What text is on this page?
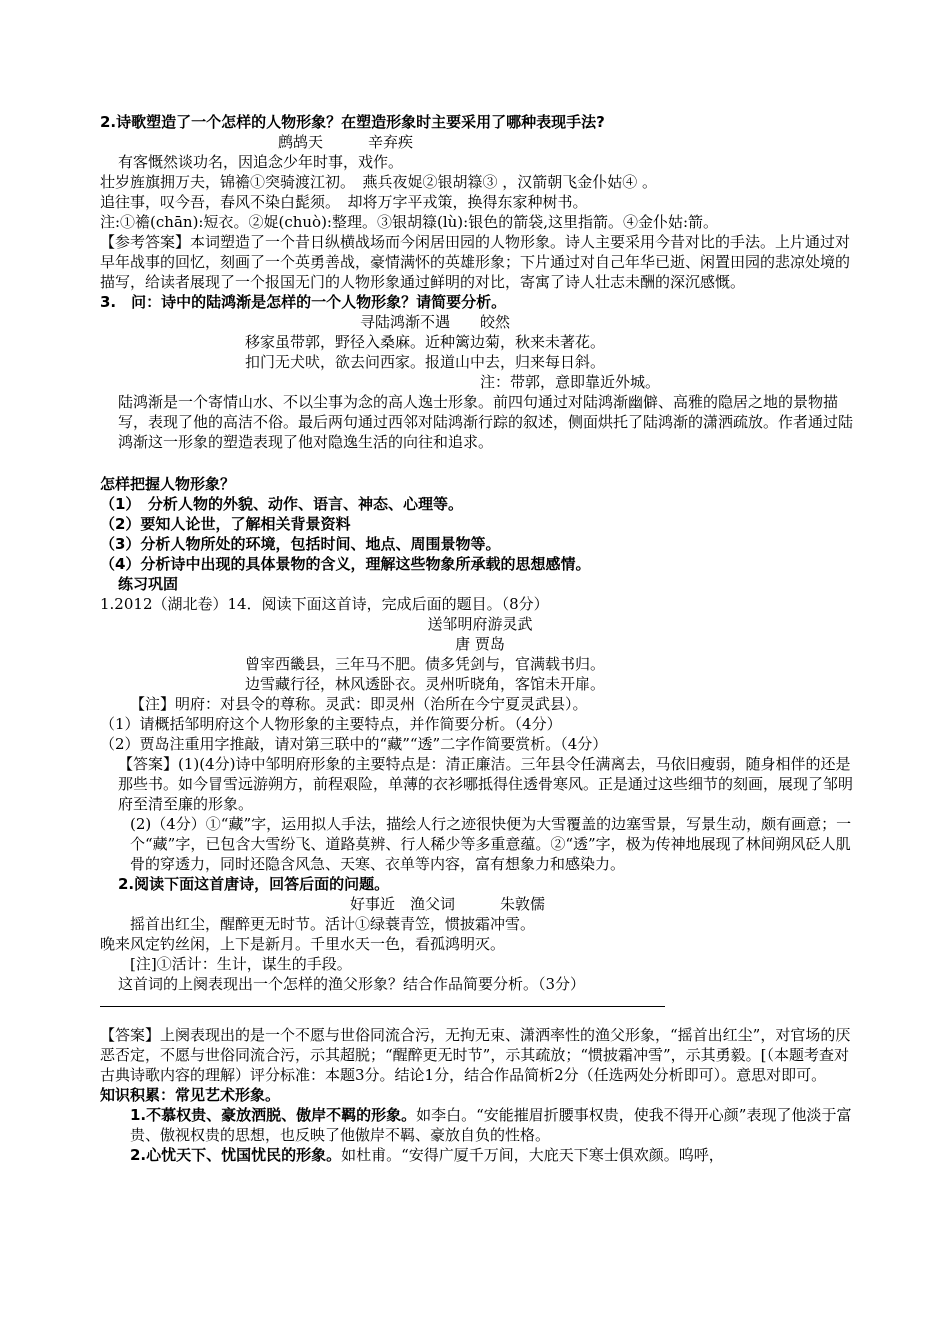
2.诗歌塑造了一个怎样的人物形象？在塑造形象时主要采用了哪种表现手法?

鹧鸪天　　　辛弃疾

有客慨然谈功名，因追念少年时事，戏作。

壮岁旌旗拥万夫，锦襜①突骑渡江初。　燕兵夜娖②银胡簶③ ，汉箭朝飞金仆姑④ 。

追往事，叹今吾，春风不染白髭须。　却将万字平戎策，换得东家种树书。

注:①襜(chān):短衣。②娖(chuò):整理。③银胡簶(lù):银色的箭袋,这里指箭。④金仆姑:箭。

【参考答案】本词塑造了一个昔日纵横战场而今闲居田园的人物形象。诗人主要采用今昔对比的手法。上片通过对早年战事的回忆，刻画了一个英勇善战，豪情满怀的英雄形象；下片通过对自己年华已逝、闲置田园的悲凉处境的描写，给读者展现了一个报国无门的人物形象通过鲜明的对比，寄寓了诗人壮志未酬的深沉感慨。

3.　问：诗中的陆鸿渐是怎样的一个人物形象？请简要分析。

寻陆鸿渐不遇　　皎然

移家虽带郭，野径入桑麻。近种篱边菊，秋来未著花。

扣门无犬吠，欲去问西家。报道山中去，归来每日斜。

注：带郭，意即靠近外城。

陆鸿渐是一个寄情山水、不以尘事为念的高人逸士形象。前四句通过对陆鸿渐幽僻、高雅的隐居之地的景物描写，表现了他的高洁不俗。最后两句通过西邻对陆鸿渐行踪的叙述，侧面烘托了陆鸿渐的潇洒疏放。作者通过陆鸿渐这一形象的塑造表现了他对隐逸生活的向往和追求。

怎样把握人物形象？

（1）　分析人物的外貌、动作、语言、神态、心理等。

（2）要知人论世，了解相关背景资料

（3）分析人物所处的环境，包括时间、地点、周围景物等。

（4）分析诗中出现的具体景物的含义，理解这些物象所承载的思想感情。

练习巩固

1.2012（湖北卷）14．阅读下面这首诗，完成后面的题目。（8分）

送邹明府游灵武

唐 贾岛

曾宰西畿县，三年马不肥。债多凭剑与，官满载书归。

边雪藏行径，林风透卧衣。灵州听晓角，客馆未开扉。

【注】明府：对县令的尊称。灵武：即灵州（治所在今宁夏灵武县）。

（1）请概括邹明府这个人物形象的主要特点，并作简要分析。（4分）

（2）贾岛注重用字推敲，请对第三联中的“藏”“透”二字作简要赏析。（4分）

【答案】(1)(4分)诗中邹明府形象的主要特点是：清正廉洁。三年县令任满离去，马依旧瘦弱，随身相伴的还是那些书。如今冒雪远游朔方，前程艰险，单薄的衣衫哪抵得住透骨寒风。正是通过这些细节的刻画，展现了邹明府至清至廉的形象。

(2)（4分）①“藏”字，运用拟人手法，描绘人行之迹很快便为大雪覆盖的边塞雪景，写景生动，颇有画意；一个“藏”字，已包含大雪纷飞、道路莫辨、行人稀少等多重意蕴。②“透”字，极为传神地展现了林间朔风砭人肌骨的穿透力，同时还隐含风急、天寒、衣单等内容，富有想象力和感染力。

2.阅读下面这首唐诗，回答后面的问题。

好事近　渔父词　　　朱敦儒

摇首出红尘，醒醉更无时节。活计①绿蓑青笠，惯披霜冲雪。

晚来风定钓丝闲，上下是新月。千里水天一色，看孤鸿明灭。

[注]①活计：生计，谋生的手段。

这首词的上阕表现出一个怎样的渔父形象？结合作品简要分析。（3分）

【答案】上阕表现出的是一个不愿与世俗同流合污，无拘无束、潇洒率性的渔父形象，“摇首出红尘”，对官场的厌恶否定，不愿与世俗同流合污，示其超脱；“醒醉更无时节”，示其疏放；“惯披霜冲雪”，示其勇毅。[（本题考查对古典诗歌内容的理解）评分标准：本题3分。结论1分，结合作品简析2分（任选两处分析即可）。意思对即可。

知识积累：常见艺术形象。

1.不慕权贵、豪放洒脱、傲岸不羁的形象。如李白。“安能摧眉折腰事权贵，使我不得开心颜”表现了他淡于富贵、傲视权贵的思想，也反映了他傲岸不羁、豪放自负的性格。

2.心忧天下、忧国忧民的形象。如杜甫。“安得广厦千万间，大庇天下寒士俱欢颜。呜呼，
